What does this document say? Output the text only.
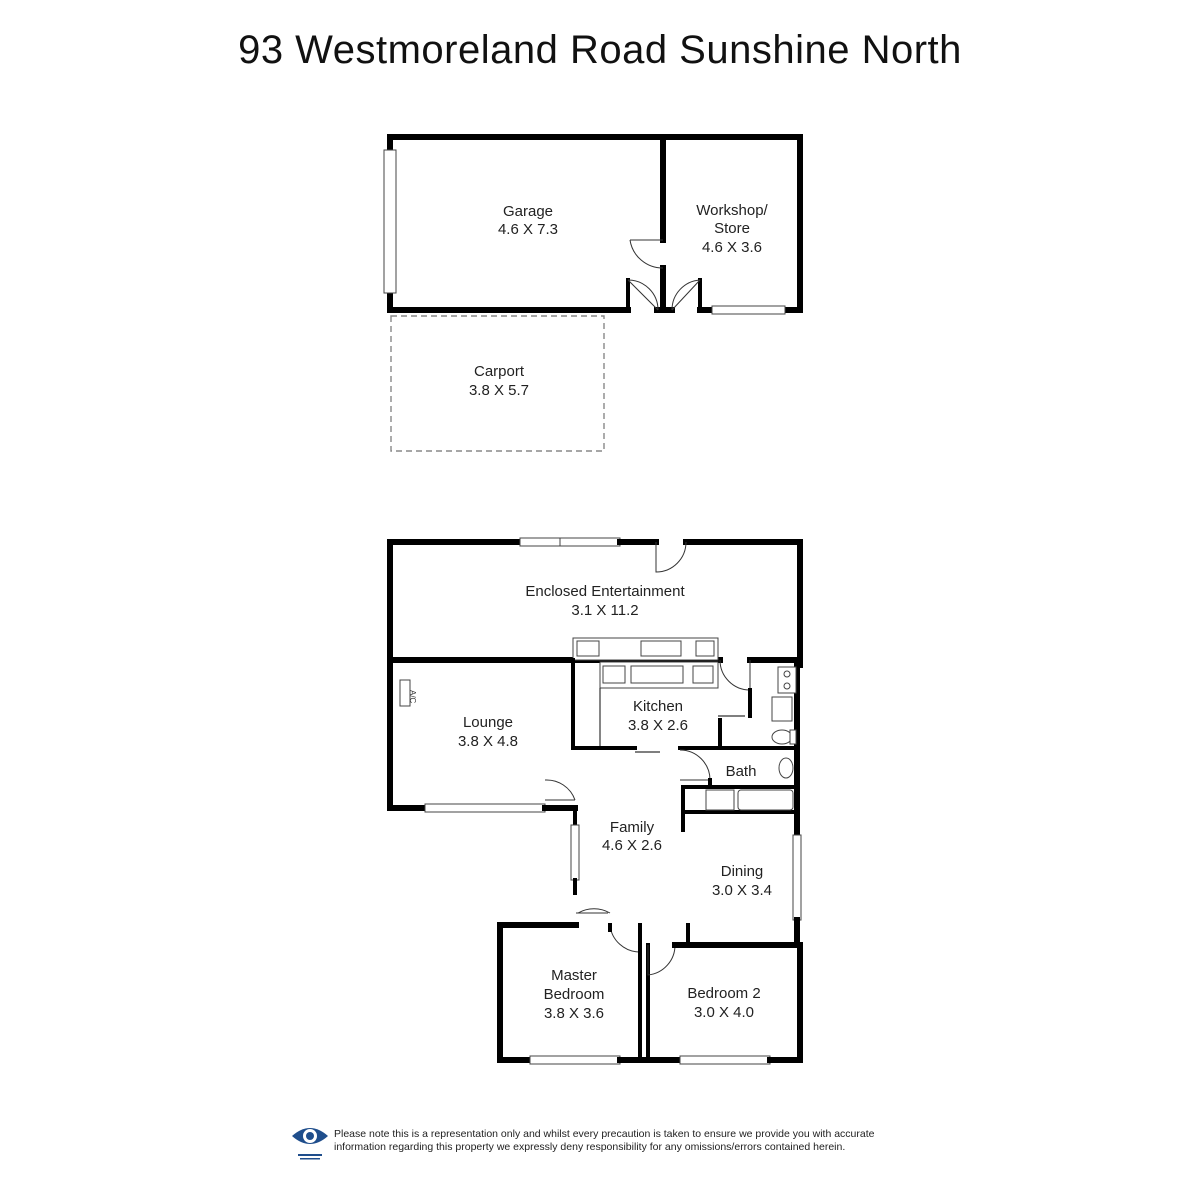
93 Westmoreland Road Sunshine North
A/C
Garage
4.6 X 7.3
Workshop/
Store
4.6 X 3.6
Carport
3.8 X 5.7
Enclosed Entertainment
3.1 X 11.2
Lounge
3.8 X 4.8
Kitchen
3.8 X 2.6
Bath
Family
4.6 X 2.6
Dining
3.0 X 3.4
Master
Bedroom
3.8 X 3.6
Bedroom 2
3.0 X 4.0
Please note this is a representation only and whilst every precaution is taken to ensure we provide you with accurate
information regarding this property we expressly deny responsibility for any omissions/errors contained herein.
